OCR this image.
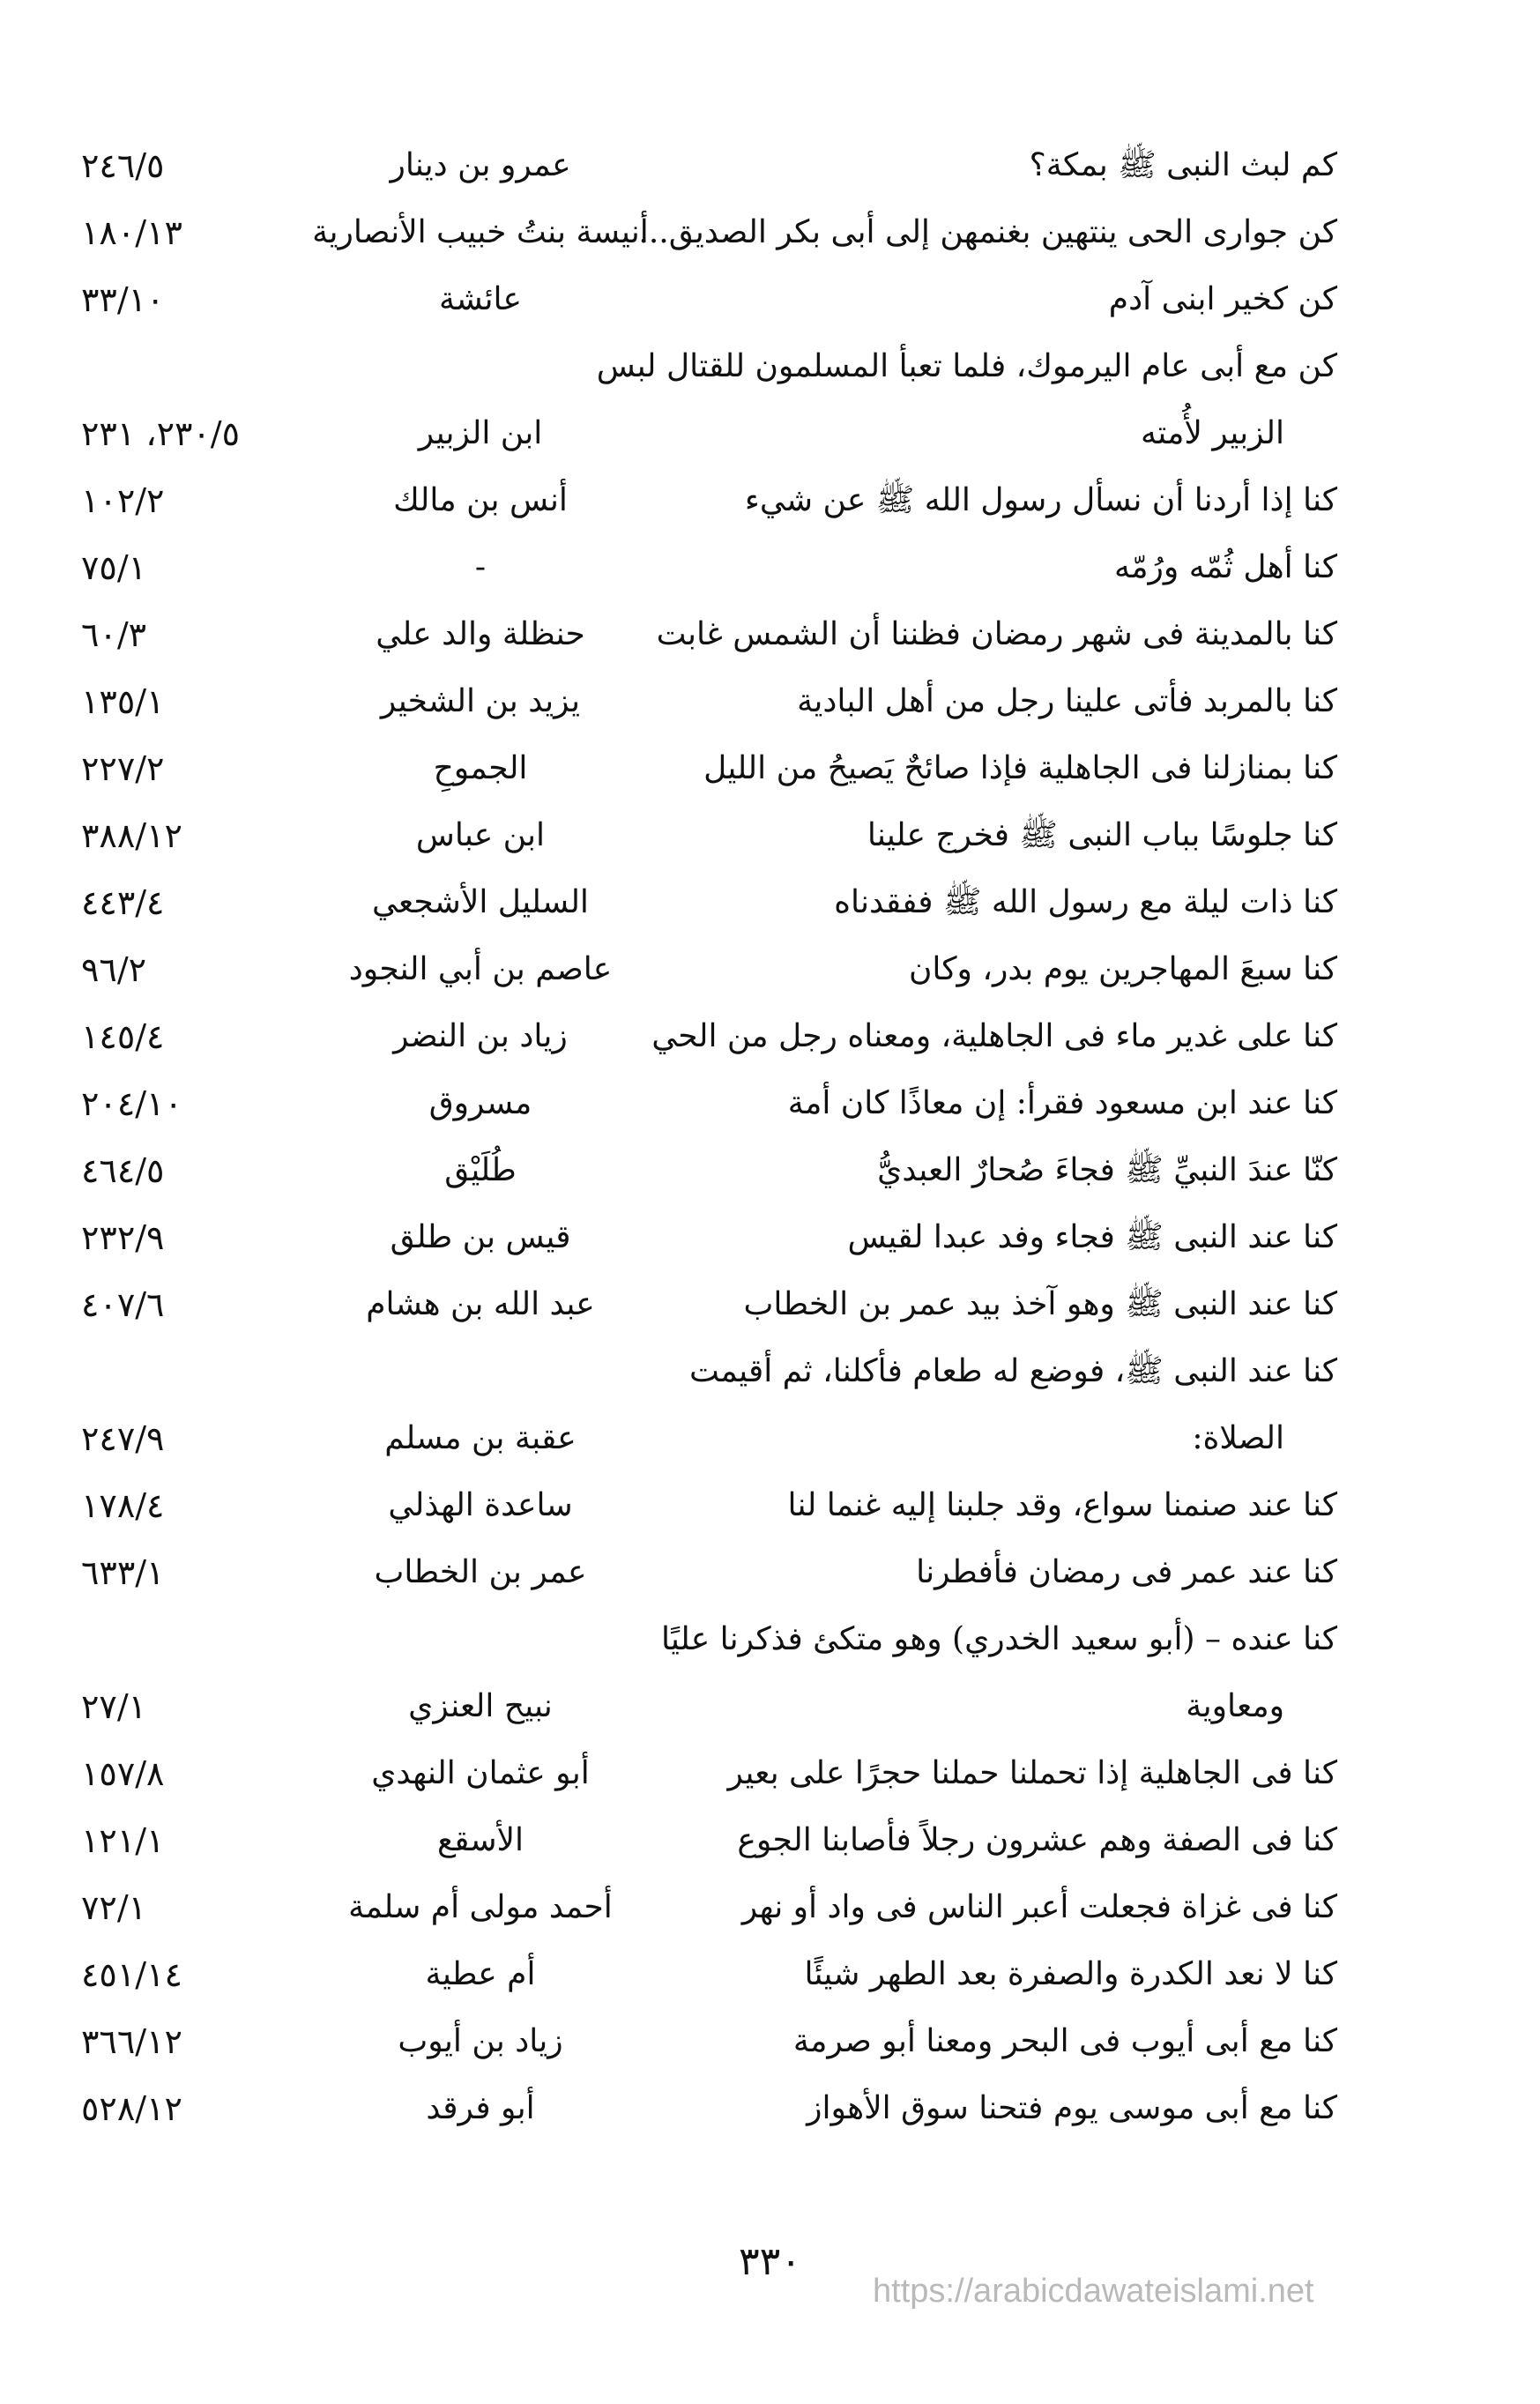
كم لبث النبى ﷺ بمكة؟
عمرو بن دينار
٢٤٦/٥
كن جوارى الحى ينتهين بغنمهن إلى أبى بكر الصديق...
أنيسة بنتُ خبيب الأنصارية
١٨٠/١٣
كن كخير ابنى آدم
عائشة
٣٣/١٠
كن مع أبى عام اليرموك، فلما تعبأ المسلمون للقتال لبس
الزبير لأُمته
ابن الزبير
٢٣٠/٥، ٢٣١
كنا إذا أردنا أن نسأل رسول الله ﷺ عن شيء
أنس بن مالك
١٠٢/٢
كنا أهل ثُمّه ورُمّه
-
٧٥/١
كنا بالمدينة فى شهر رمضان فظننا أن الشمس غابت
حنظلة والد علي
٦٠/٣
كنا بالمربد فأتى علينا رجل من أهل البادية
يزيد بن الشخير
١٣٥/١
كنا بمنازلنا فى الجاهلية فإذا صائحٌ يَصيحُ من الليل
الجموحِ
٢٢٧/٢
كنا جلوسًا بباب النبى ﷺ فخرج علينا
ابن عباس
٣٨٨/١٢
كنا ذات ليلة مع رسول الله ﷺ ففقدناه
السليل الأشجعي
٤٤٣/٤
كنا سبعَ المهاجرين يوم بدر، وكان
عاصم بن أبي النجود
٩٦/٢
كنا على غدير ماء فى الجاهلية، ومعناه رجل من الحي
زياد بن النضر
١٤٥/٤
كنا عند ابن مسعود فقرأ: إن معاذًا كان أمة
مسروق
٢٠٤/١٠
كنّا عندَ النبيِّ ﷺ فجاءَ صُحارٌ العبديُّ
طُلَيْق
٤٦٤/٥
كنا عند النبى ﷺ فجاء وفد عبدا لقيس
قيس بن طلق
٢٣٢/٩
كنا عند النبى ﷺ وهو آخذ بيد عمر بن الخطاب
عبد الله بن هشام
٤٠٧/٦
كنا عند النبى ﷺ، فوضع له طعام فأكلنا، ثم أقيمت
الصلاة:
عقبة بن مسلم
٢٤٧/٩
كنا عند صنمنا سواع، وقد جلبنا إليه غنما لنا
ساعدة الهذلي
١٧٨/٤
كنا عند عمر فى رمضان فأفطرنا
عمر بن الخطاب
٦٣٣/١
كنا عنده – (أبو سعيد الخدري) وهو متكئ فذكرنا عليًا
ومعاوية
نبيح العنزي
٢٧/١
كنا فى الجاهلية إذا تحملنا حملنا حجرًا على بعير
أبو عثمان النهدي
١٥٧/٨
كنا فى الصفة وهم عشرون رجلاً فأصابنا الجوع
الأسقع
١٢١/١
كنا فى غزاة فجعلت أعبر الناس فى واد أو نهر
أحمد مولى أم سلمة
٧٢/١
كنا لا نعد الكدرة والصفرة بعد الطهر شيئًا
أم عطية
٤٥١/١٤
كنا مع أبى أيوب فى البحر ومعنا أبو صرمة
زياد بن أيوب
٣٦٦/١٢
كنا مع أبى موسى يوم فتحنا سوق الأهواز
أبو فرقد
٥٢٨/١٢
٣٣٠
https://arabicdawateislami.net
